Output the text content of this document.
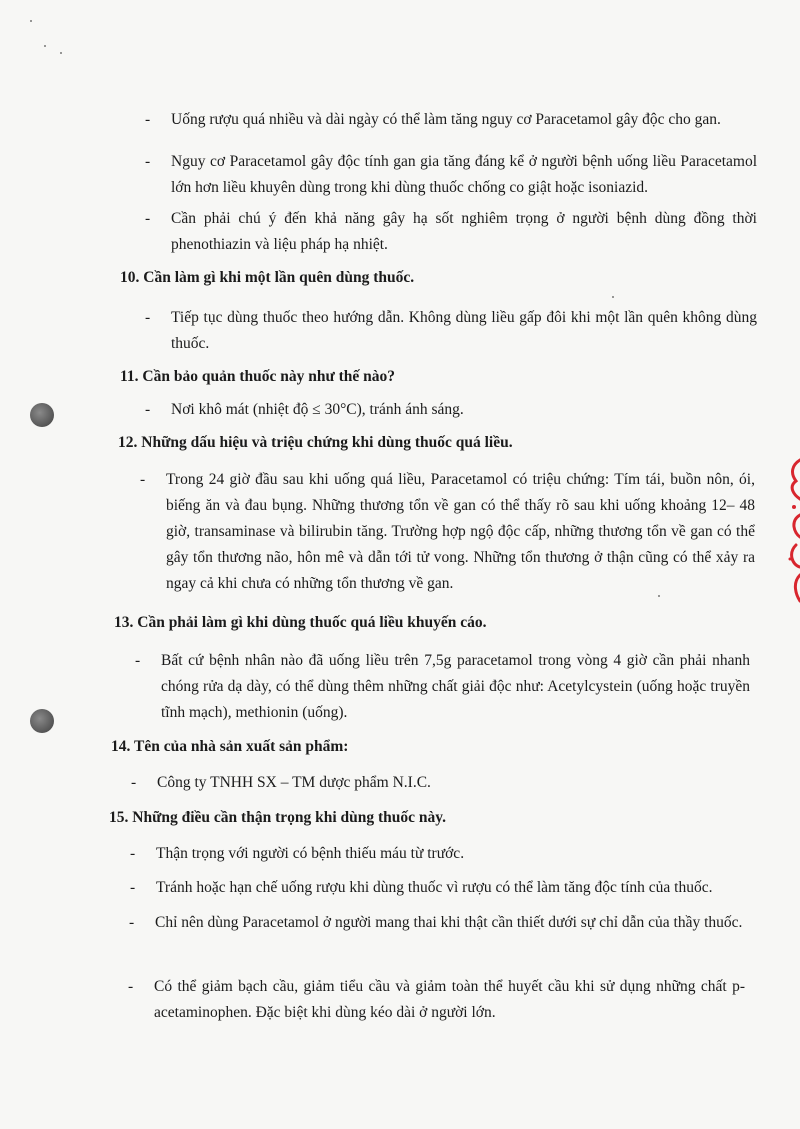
- Uống rượu quá nhiều và dài ngày có thể làm tăng nguy cơ Paracetamol gây độc cho gan.
- Nguy cơ Paracetamol gây độc tính gan gia tăng đáng kể ở người bệnh uống liều Paracetamol lớn hơn liều khuyên dùng trong khi dùng thuốc chống co giật hoặc isoniazid.
- Cần phải chú ý đến khả năng gây hạ sốt nghiêm trọng ở người bệnh dùng đồng thời phenothiazin và liệu pháp hạ nhiệt.
10. Cần làm gì khi một lần quên dùng thuốc.
- Tiếp tục dùng thuốc theo hướng dẫn. Không dùng liều gấp đôi khi một lần quên không dùng thuốc.
11. Cần bảo quản thuốc này như thế nào?
- Nơi khô mát (nhiệt độ ≤ 30°C), tránh ánh sáng.
12. Những dấu hiệu và triệu chứng khi dùng thuốc quá liều.
- Trong 24 giờ đầu sau khi uống quá liều, Paracetamol có triệu chứng: Tím tái, buồn nôn, ói, biếng ăn và đau bụng. Những thương tổn về gan có thể thấy rõ sau khi uống khoảng 12– 48 giờ, transaminase và bilirubin tăng. Trường hợp ngộ độc cấp, những thương tổn về gan có thể gây tổn thương não, hôn mê và dẫn tới tử vong. Những tổn thương ở thận cũng có thể xảy ra ngay cả khi chưa có những tổn thương về gan.
13. Cần phải làm gì khi dùng thuốc quá liều khuyến cáo.
- Bất cứ bệnh nhân nào đã uống liều trên 7,5g paracetamol trong vòng 4 giờ cần phải nhanh chóng rửa dạ dày, có thể dùng thêm những chất giải độc như: Acetylcystein (uống hoặc truyền tĩnh mạch), methionin (uống).
14. Tên của nhà sản xuất sản phẩm:
- Công ty TNHH SX – TM dược phẩm N.I.C.
15. Những điều cần thận trọng khi dùng thuốc này.
- Thận trọng với người có bệnh thiếu máu từ trước.
- Tránh hoặc hạn chế uống rượu khi dùng thuốc vì rượu có thể làm tăng độc tính của thuốc.
- Chỉ nên dùng Paracetamol ở người mang thai khi thật cần thiết dưới sự chỉ dẫn của thầy thuốc.
- Có thể giảm bạch cầu, giảm tiểu cầu và giảm toàn thể huyết cầu khi sử dụng những chất p-acetaminophen. Đặc biệt khi dùng kéo dài ở người lớn.
